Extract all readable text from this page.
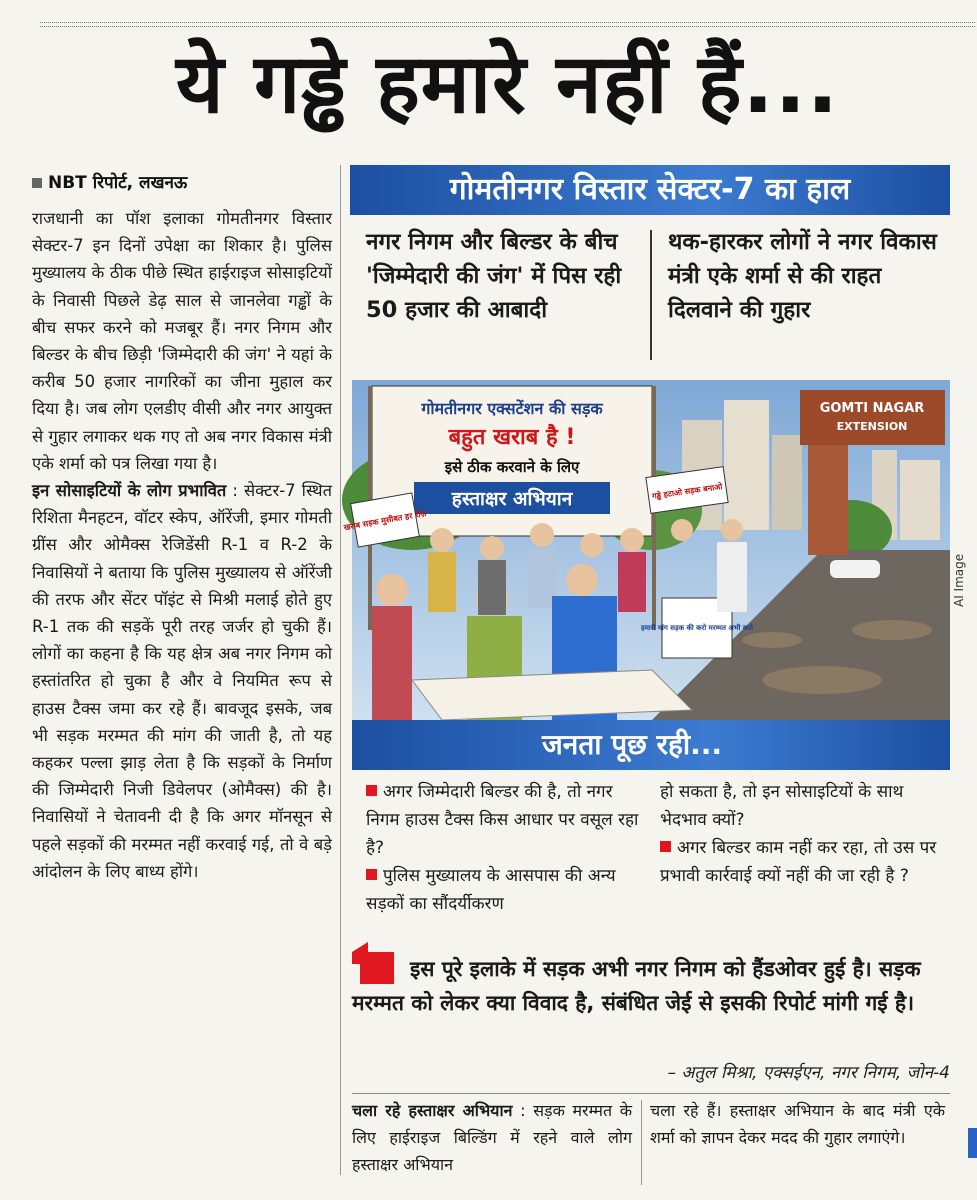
ये गड्ढे हमारे नहीं हैं...
NBT रिपोर्ट, लखनऊ

राजधानी का पॉश इलाका गोमतीनगर विस्तार सेक्टर-7 इन दिनों उपेक्षा का शिकार है। पुलिस मुख्यालय के ठीक पीछे स्थित हाईराइज सोसाइटियों के निवासी पिछले डेढ़ साल से जानलेवा गड्ढों के बीच सफर करने को मजबूर हैं। नगर निगम और बिल्डर के बीच छिड़ी 'जिम्मेदारी की जंग' ने यहां के करीब 50 हजार नागरिकों का जीना मुहाल कर दिया है। जब लोग एलडीए वीसी और नगर आयुक्त से गुहार लगाकर थक गए तो अब नगर विकास मंत्री एके शर्मा को पत्र लिखा गया है।

इन सोसाइटियों के लोग प्रभावित : सेक्टर-7 स्थित रिशिता मैनहटन, वॉटर स्केप, ऑरेंजी, इमार गोमती ग्रींस और ओमैक्स रेजिडेंसी R-1 व R-2 के निवासियों ने बताया कि पुलिस मुख्यालय से ऑरेंजी की तरफ और सेंटर पॉइंट से मिश्री मलाई होते हुए R-1 तक की सड़कें पूरी तरह जर्जर हो चुकी हैं। लोगों का कहना है कि यह क्षेत्र अब नगर निगम को हस्तांतरित हो चुका है और वे नियमित रूप से हाउस टैक्स जमा कर रहे हैं। बावजूद इसके, जब भी सड़क मरम्मत की मांग की जाती है, तो यह कहकर पल्ला झाड़ लेता है कि सड़कों के निर्माण की जिम्मेदारी निजी डिवेलपर (ओमैक्स) की है। निवासियों ने चेतावनी दी है कि अगर मॉनसून से पहले सड़कों की मरम्मत नहीं करवाई गई, तो वे बड़े आंदोलन के लिए बाध्य होंगे।

गोमतीनगर विस्तार सेक्टर-7 का हाल
नगर निगम और बिल्डर के बीच 'जिम्मेदारी की जंग' में पिस रही 50 हजार की आबादी
थक-हारकर लोगों ने नगर विकास मंत्री एके शर्मा से की राहत दिलवाने की गुहार
GOMTI NAGAR
EXTENSION
गोमतीनगर एक्सटेंशन की सड़क
बहुत खराब है !
इसे ठीक करवाने के लिए
हस्ताक्षर अभियान
खराब सड़क मुसीबत हर रोज़
गड्ढे हटाओ सड़क बनाओ
हमारी मांग सड़क की करो मरम्मत अभी करो
AI Image
जनता पूछ रही...
अगर जिम्मेदारी बिल्डर की है, तो नगर निगम हाउस टैक्स किस आधार पर वसूल रहा है?
पुलिस मुख्यालय के आसपास की अन्य सड़कों का सौंदर्यीकरण
हो सकता है, तो इन सोसाइटियों के साथ भेदभाव क्यों?
अगर बिल्डर काम नहीं कर रहा, तो उस पर प्रभावी कार्रवाई क्यों नहीं की जा रही है ?
इस पूरे इलाके में सड़क अभी नगर निगम को हैंडओवर हुई है। सड़क मरम्मत को लेकर क्या विवाद है, संबंधित जेई से इसकी रिपोर्ट मांगी गई है।
– अतुल मिश्रा, एक्सईएन, नगर निगम, जोन-4
चला रहे हस्ताक्षर अभियान : सड़क मरम्मत के लिए हाईराइज बिल्डिंग में रहने वाले लोग हस्ताक्षर अभियान
चला रहे हैं। हस्ताक्षर अभियान के बाद मंत्री एके शर्मा को ज्ञापन देकर मदद की गुहार लगाएंगे।
